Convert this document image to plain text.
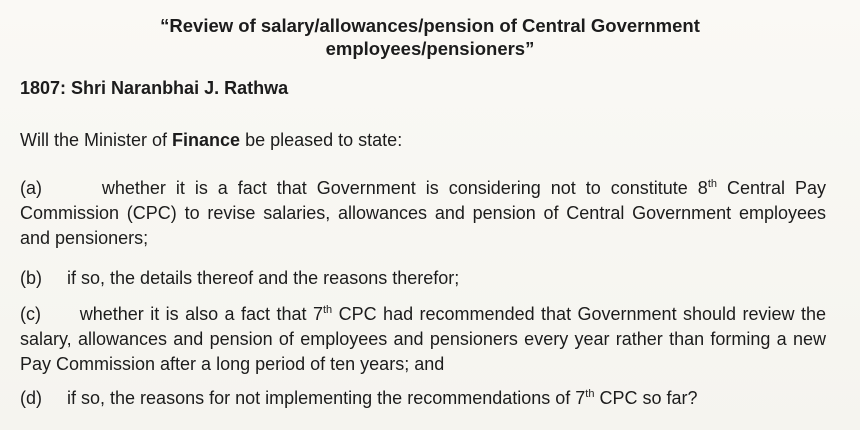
“Review of salary/allowances/pension of Central Government
employees/pensioners”
1807: Shri Naranbhai J. Rathwa
Will the Minister of Finance be pleased to state:
(a)	whether it is a fact that Government is considering not to constitute 8th Central Pay Commission (CPC) to revise salaries, allowances and pension of Central Government employees and pensioners;
(b) if so, the details thereof and the reasons therefor;
(c) whether it is also a fact that 7th CPC had recommended that Government should review the salary, allowances and pension of employees and pensioners every year rather than forming a new Pay Commission after a long period of ten years; and
(d) if so, the reasons for not implementing the recommendations of 7th CPC so far?
